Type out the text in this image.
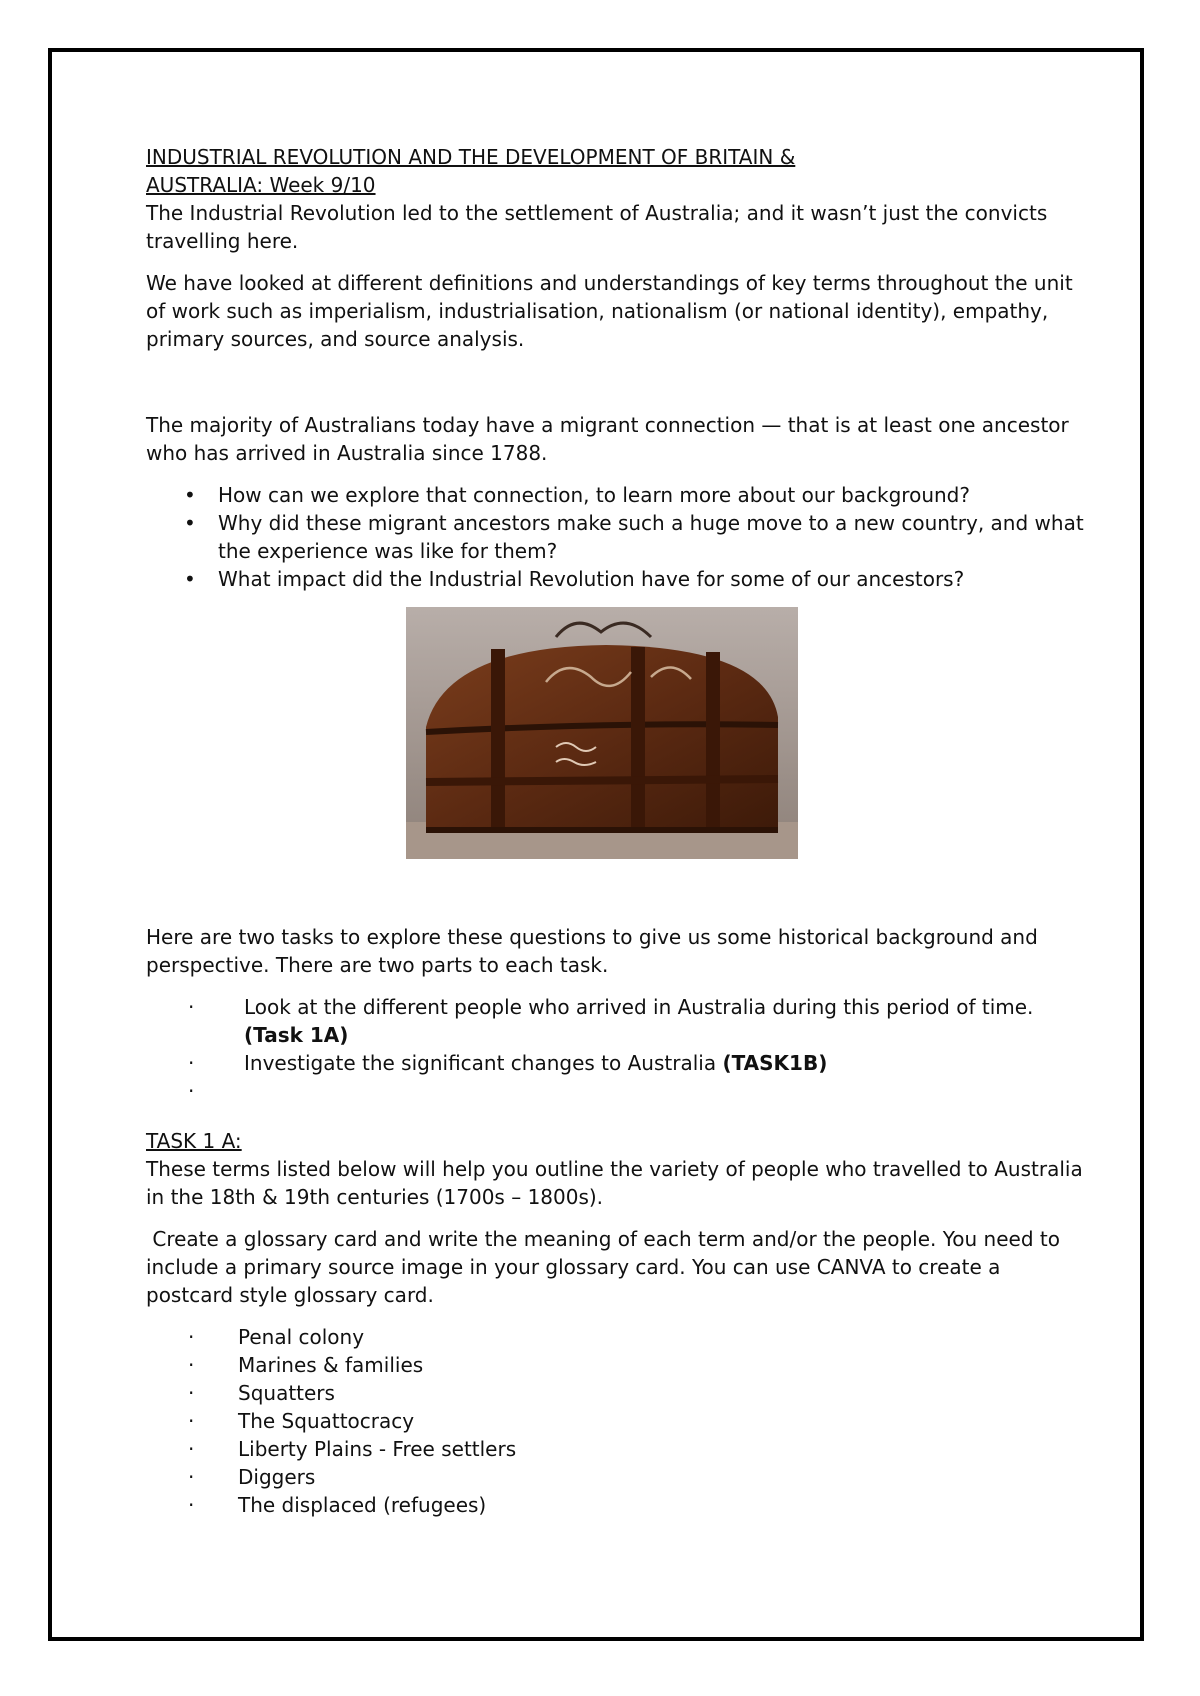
INDUSTRIAL REVOLUTION AND THE DEVELOPMENT OF BRITAIN &
AUSTRALIA: Week 9/10

The Industrial Revolution led to the settlement of Australia; and it wasn’t just the convicts travelling here.

We have looked at different definitions and understandings of key terms throughout the unit of work such as imperialism, industrialisation, nationalism (or national identity), empathy, primary sources, and source analysis.

The majority of Australians today have a migrant connection — that is at least one ancestor who has arrived in Australia since 1788.

• How can we explore that connection, to learn more about our background?
• Why did these migrant ancestors make such a huge move to a new country, and what the experience was like for them?
• What impact did the Industrial Revolution have for some of our ancestors?

Here are two tasks to explore these questions to give us some historical background and perspective. There are two parts to each task.

· Look at the different people who arrived in Australia during this period of time. (Task 1A)
· Investigate the significant changes to Australia (TASK1B)
·

TASK 1 A:

These terms listed below will help you outline the variety of people who travelled to Australia in the 18th & 19th centuries (1700s – 1800s).

Create a glossary card and write the meaning of each term and/or the people. You need to include a primary source image in your glossary card. You can use CANVA to create a postcard style glossary card.

· Penal colony
· Marines & families
· Squatters
· The Squattocracy
· Liberty Plains - Free settlers
· Diggers
· The displaced (refugees)
